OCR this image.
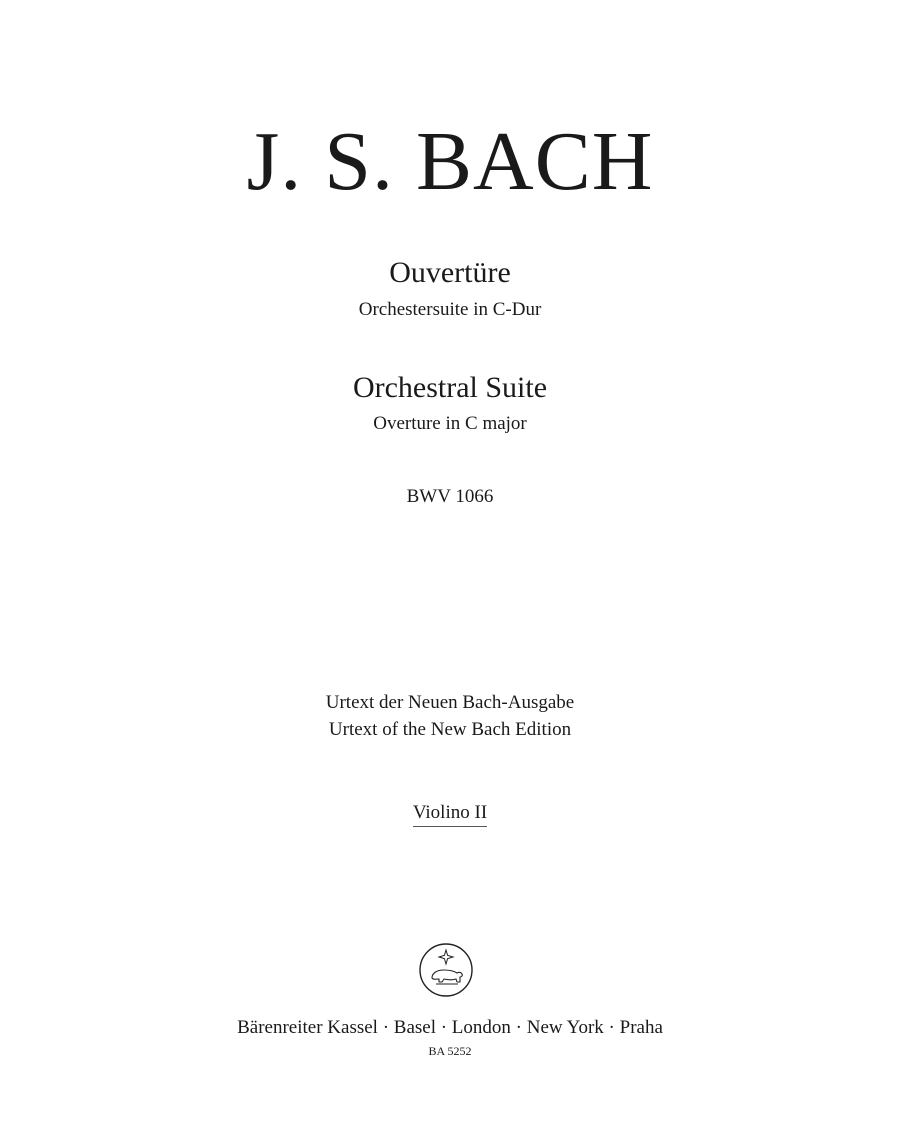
J. S. BACH
Ouvertüre
Orchestersuite in C-Dur
Orchestral Suite
Overture in C major
BWV 1066
Urtext der Neuen Bach-Ausgabe
Urtext of the New Bach Edition
Violino II
Bärenreiter Kassel · Basel · London · New York · Praha
BA 5252
